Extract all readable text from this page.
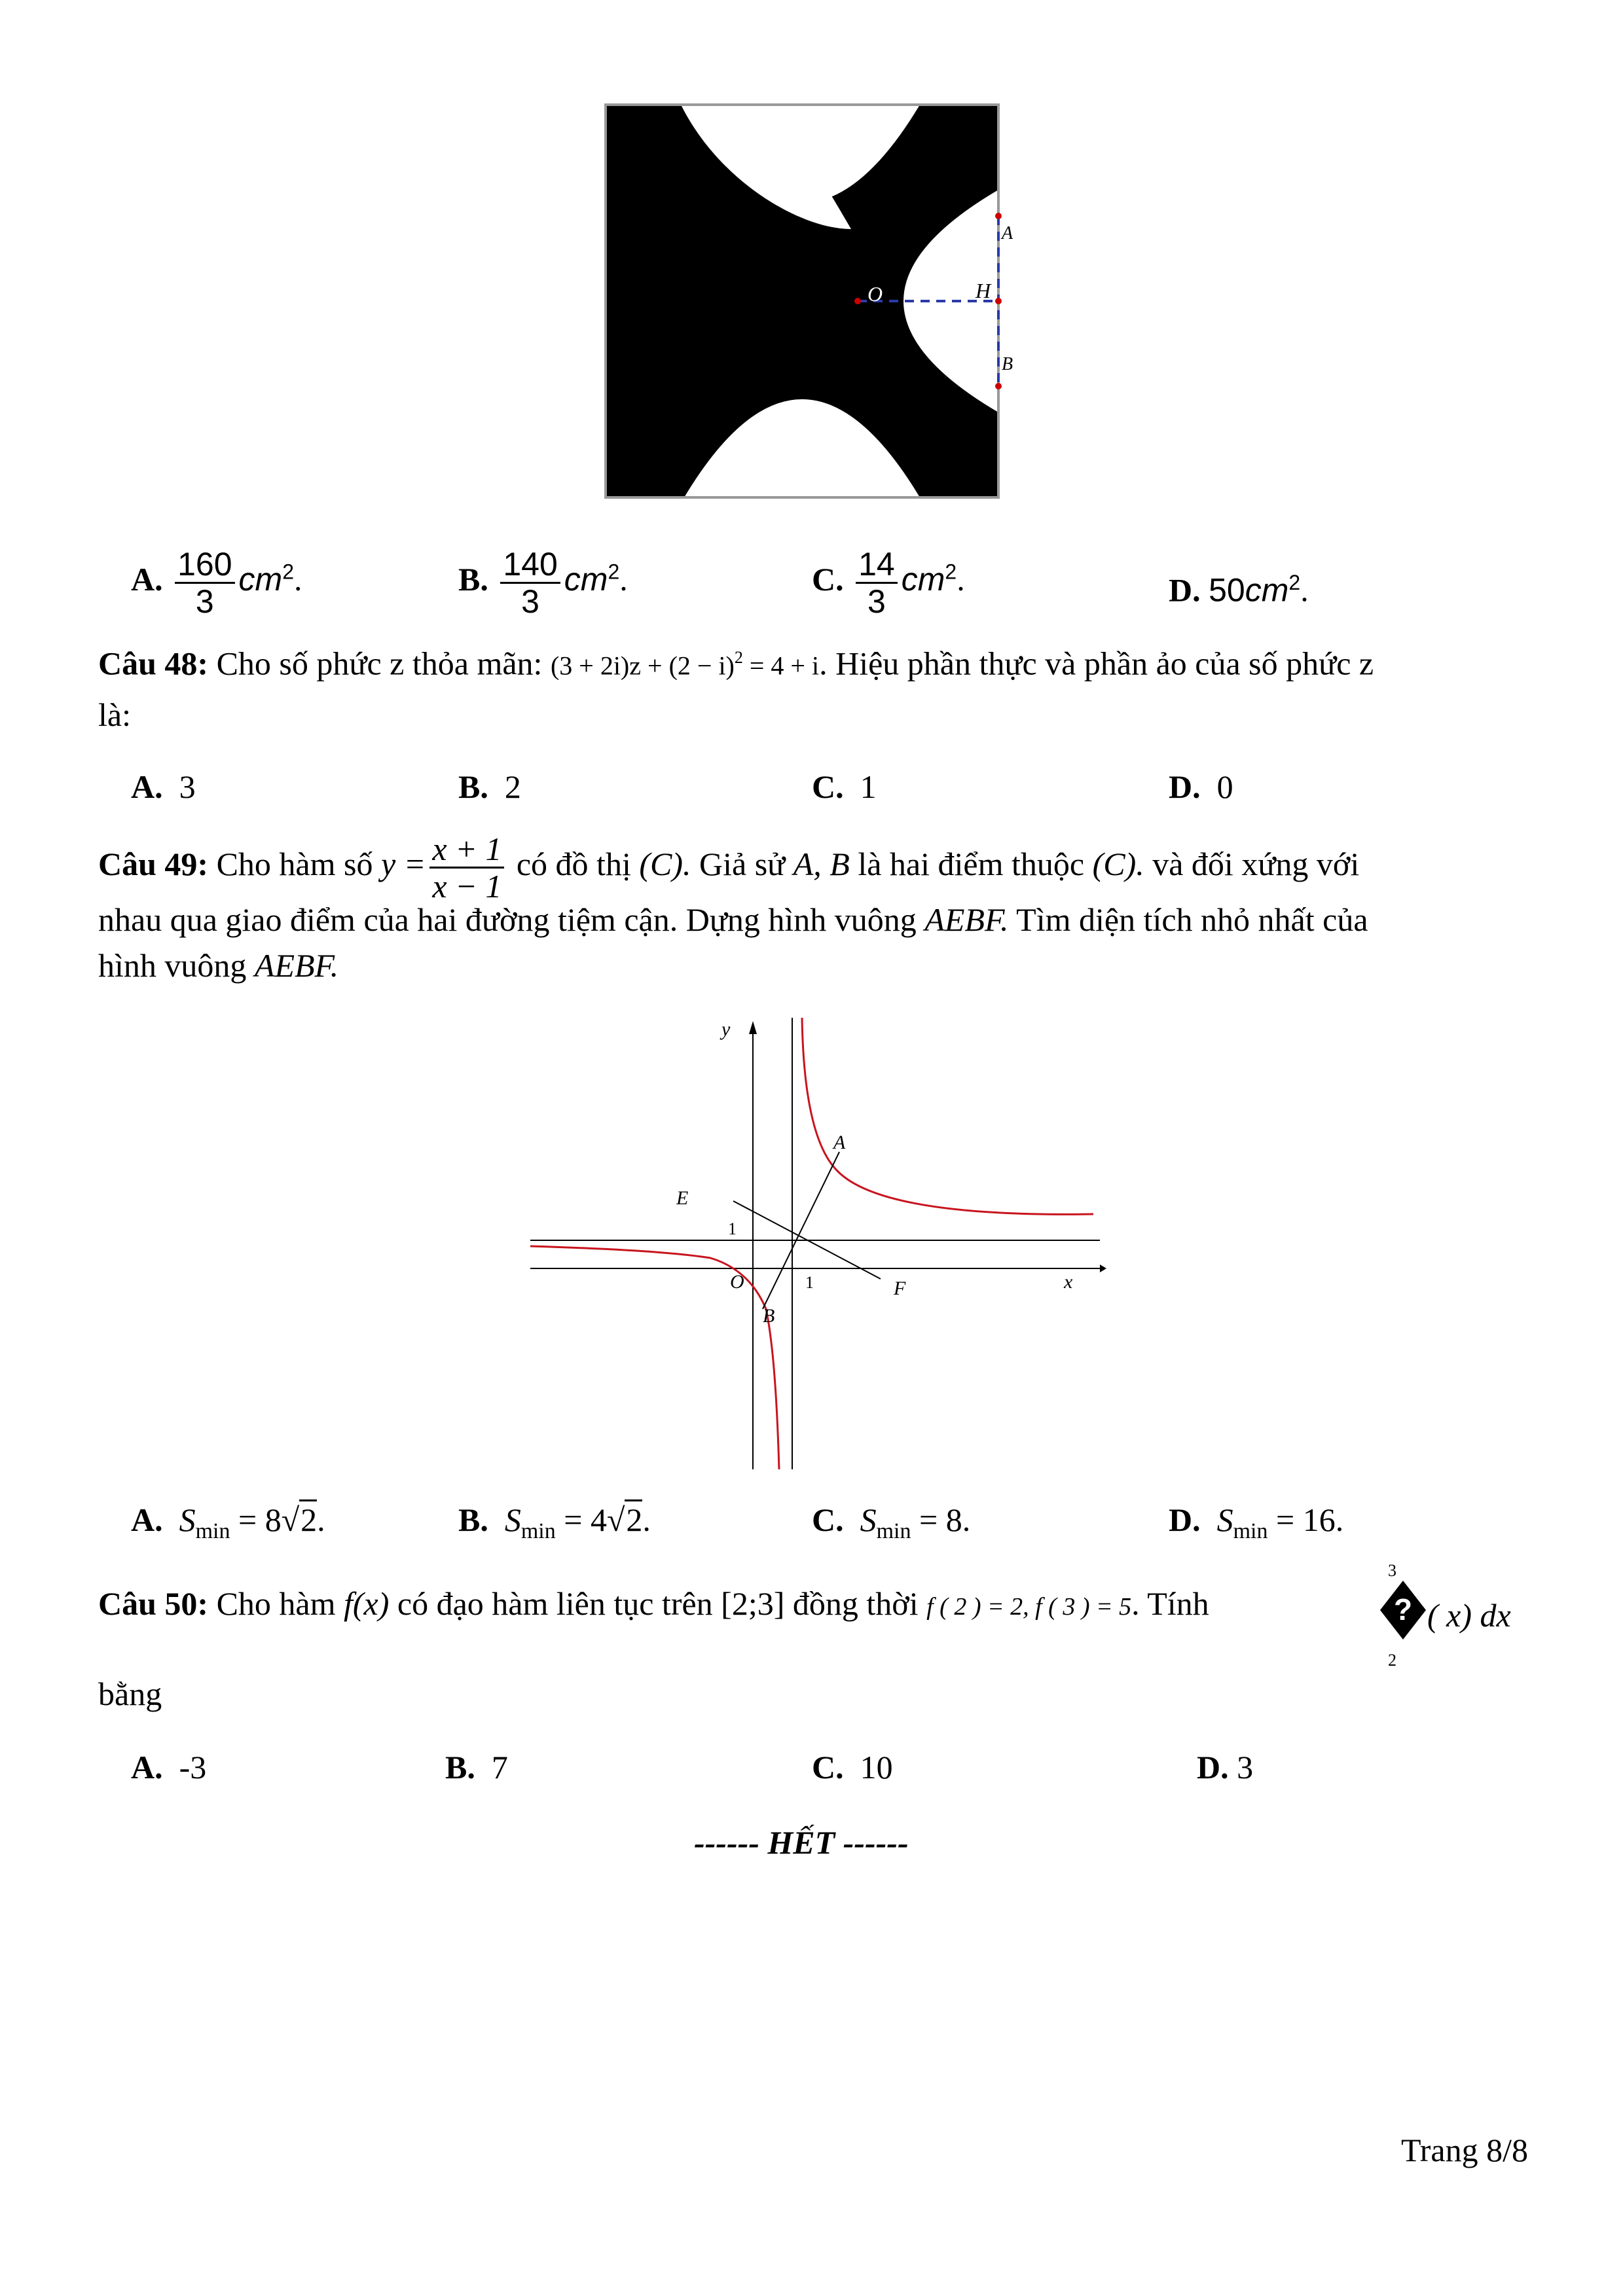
O	H
A
B
A. $\frac{160}{3} cm^2$.	B. $\frac{140}{3} cm^2$.	C. $\frac{14}{3} cm^2$.	D. $50cm^2$.
Câu 48: Cho số phức z thỏa mãn: $(3 + 2i)z + (2 - i)^2 = 4 + i$. Hiệu phần thực và phần ảo của số phức z
là:
A. 3	B. 2	C. 1	D. 0
Câu 49: Cho hàm số $y = \frac{x + 1}{x - 1}$ có đồ thị (C). Giả sử A, B là hai điểm thuộc (C). và đối xứng với
nhau qua giao điểm của hai đường tiệm cận. Dựng hình vuông AEBF. Tìm diện tích nhỏ nhất của
hình vuông AEBF.
y
x
A
B
E
F
O
1
1
A. $S_{min} = 8√2$.	B. $S_{min} = 4√2$.	C. $S_{min} = 8$.	D. $S_{min} = 16$.
Câu 50: Cho hàm f(x) có đạo hàm liên tục trên [2;3] đồng thời f ( 2 ) = 2, f ( 3 ) = 5. Tính
3
2
? ( x) dx
bằng
A. -3	B. 7	C. 10	D. 3
------ HẾT ------
Trang 8/8
